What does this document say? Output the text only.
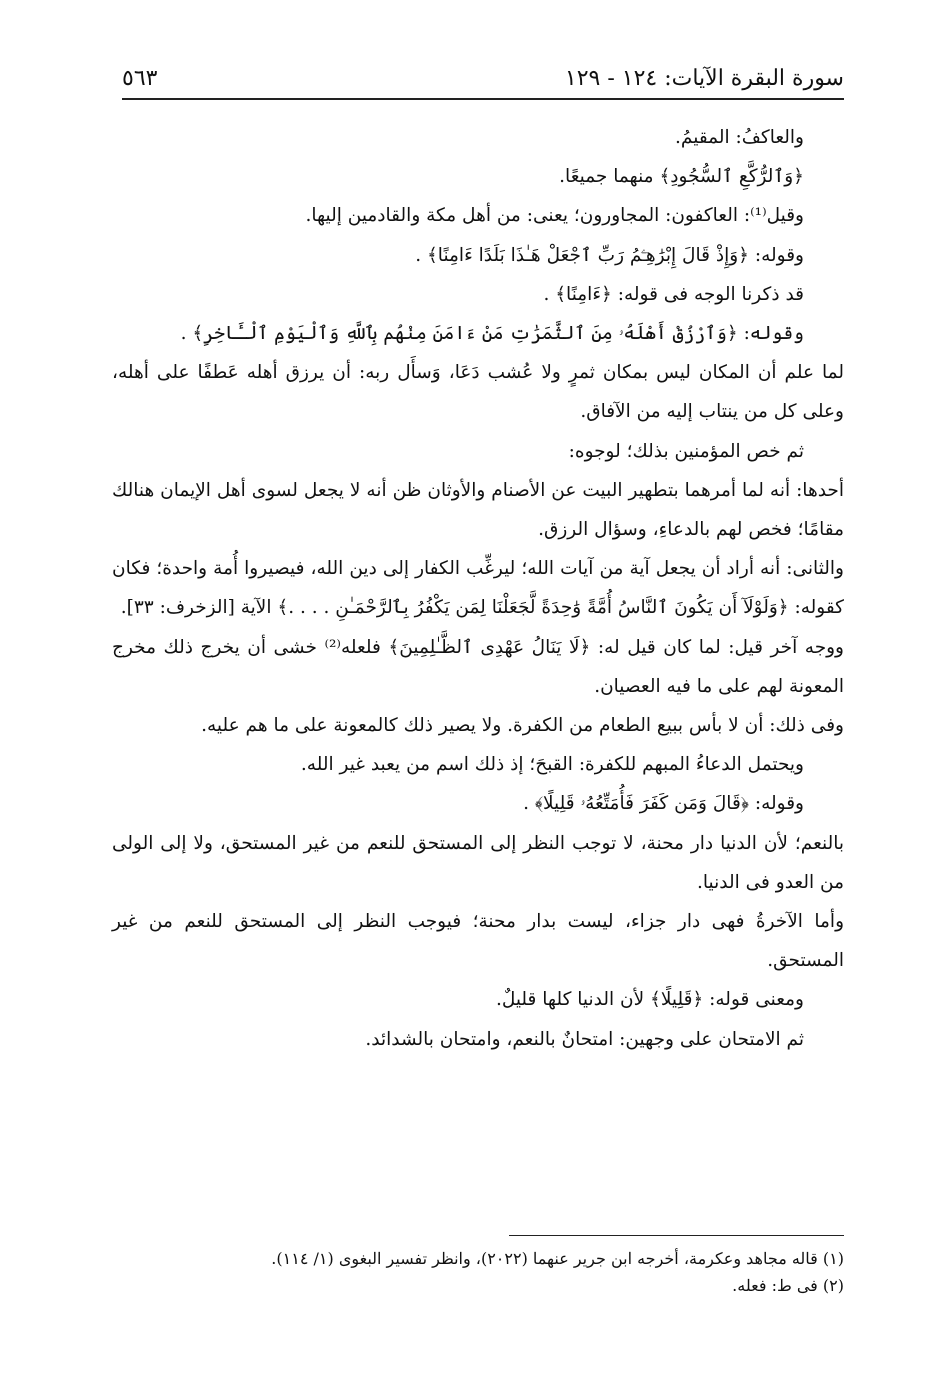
سورة البقرة الآيات: ١٢٤ - ١٢٩
٥٦٣

والعاكفُ: المقيمُ.

﴿وَٱلرُّكَّعِ ٱلسُّجُودِ﴾ منهما جميعًا.

وقيل⁽¹⁾: العاكفون: المجاورون؛ يعنى: من أهل مكة والقادمين إليها.

وقوله: ﴿وَإِذْ قَالَ إِبْرَٰهِـۧمُ رَبِّ ٱجْعَلْ هَـٰذَا بَلَدًا ءَامِنًا﴾ .

قد ذكرنا الوجه فى قوله: ﴿ءَامِنًا﴾ .

وقوله: ﴿وَٱرْزُقْ أَهْلَهُۥ مِنَ ٱلثَّمَرَٰتِ مَنْ ءَامَنَ مِنْهُم بِٱللَّهِ وَٱلْيَوْمِ ٱلْـَٔاخِرِ﴾ .

لما علم أن المكان ليس بمكان ثمرٍ ولا عُشب دَعَا، وَسأَل ربه: أن يرزق أهله عَطفًا على أهله، وعلى كل من ينتاب إليه من الآفاق.

ثم خص المؤمنين بذلك؛ لوجوه:

أحدها: أنه لما أمرهما بتطهير البيت عن الأصنام والأوثان ظن أنه لا يجعل لسوى أهل الإيمان هنالك مقامًا؛ فخص لهم بالدعاءِ، وسؤال الرزق.

والثانى: أنه أراد أن يجعل آية من آيات الله؛ ليرغِّب الكفار إلى دين الله، فيصيروا أُمة واحدة؛ فكان كقوله: ﴿وَلَوْلَآ أَن يَكُونَ ٱلنَّاسُ أُمَّةً وَٰحِدَةً لَّجَعَلْنَا لِمَن يَكْفُرُ بِٱلرَّحْمَـٰنِ . . . .﴾ الآية [الزخرف: ٣٣].

ووجه آخر قيل: لما كان قيل له: ﴿لَا يَنَالُ عَهْدِى ٱلظَّـٰلِمِينَ﴾ فلعله⁽²⁾ خشى أن يخرج ذلك مخرج المعونة لهم على ما فيه العصيان.

وفى ذلك: أن لا بأس ببيع الطعام من الكفرة. ولا يصير ذلك كالمعونة على ما هم عليه.

ويحتمل الدعاءُ المبهم للكفرة: القبحَ؛ إذ ذلك اسم من يعبد غير الله.

وقوله: ﴿قَالَ وَمَن كَفَرَ فَأُمَتِّعُهُۥ قَلِيلًا﴾ .

بالنعم؛ لأن الدنيا دار محنة، لا توجب النظر إلى المستحق للنعم من غير المستحق، ولا إلى الولى من العدو فى الدنيا.

وأما الآخرةُ فهى دار جزاء، ليست بدار محنة؛ فيوجب النظر إلى المستحق للنعم من غير المستحق.

ومعنى قوله: ﴿قَلِيلًا﴾ لأن الدنيا كلها قليلٌ.

ثم الامتحان على وجهين: امتحانٌ بالنعم، وامتحان بالشدائد.

(١) قاله مجاهد وعكرمة، أخرجه ابن جرير عنهما (٢٠٢٢)، وانظر تفسير البغوى (١/ ١١٤).

(٢) فى ط: فعله.
